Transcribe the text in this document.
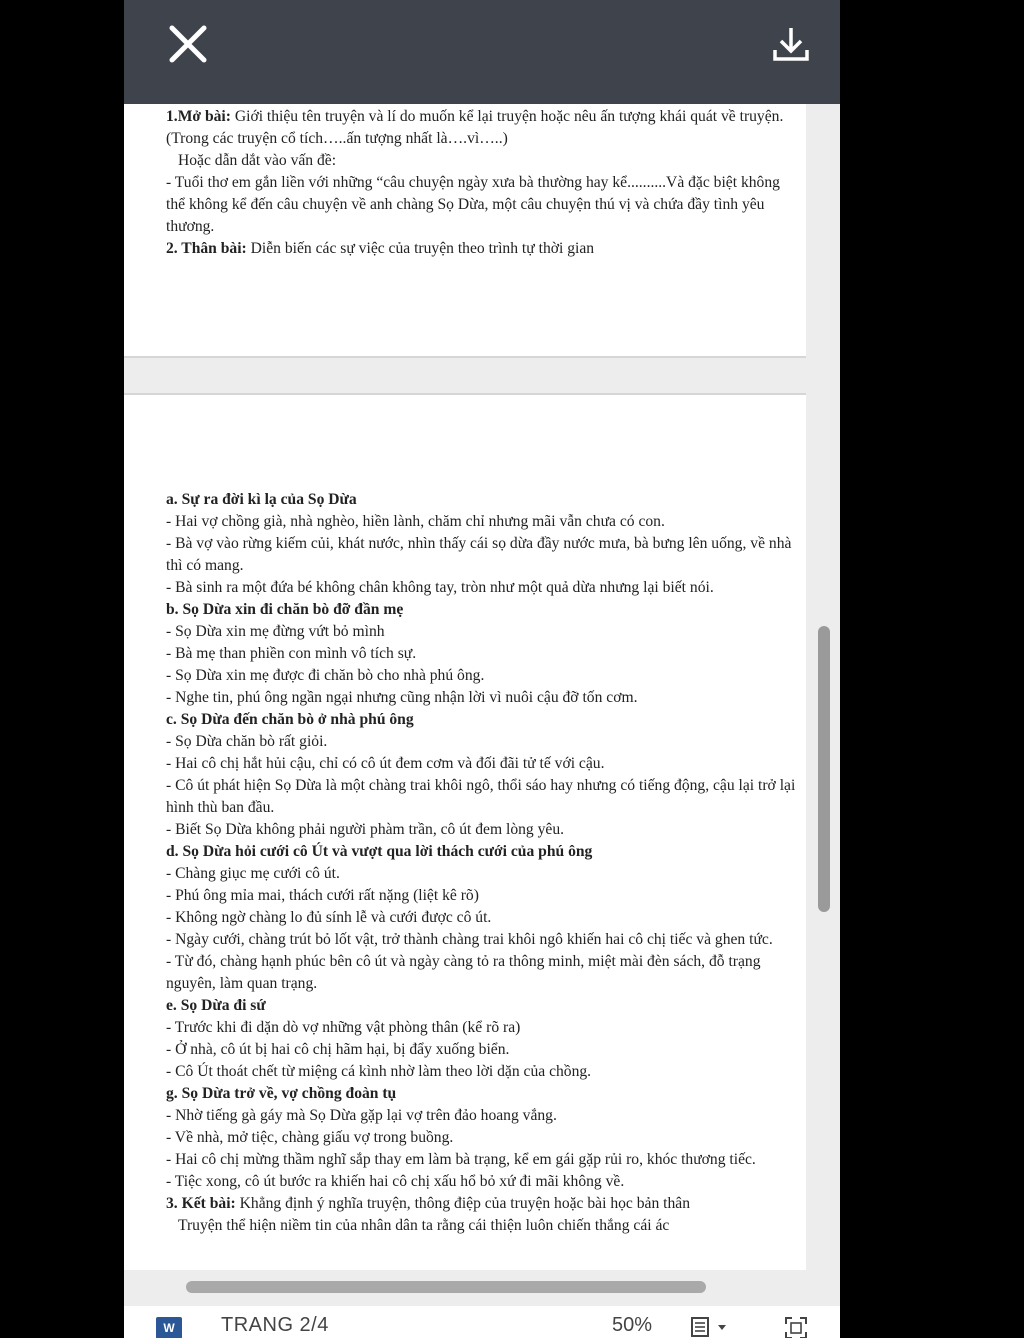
1.Mở bài: Giới thiệu tên truyện và lí do muốn kể lại truyện hoặc nêu ấn tượng khái quát về truyện. (Trong các truyện cổ tích…..ấn tượng nhất là….vì…..)

Hoặc dẫn dắt vào vấn đề:

- Tuổi thơ em gắn liền với những “câu chuyện ngày xưa bà thường hay kể..........Và đặc biệt không thể không kể đến câu chuyện về anh chàng Sọ Dừa, một câu chuyện thú vị và chứa đầy tình yêu thương.

2. Thân bài: Diễn biến các sự việc của truyện theo trình tự thời gian

a. Sự ra đời kì lạ của Sọ Dừa

- Hai vợ chồng già, nhà nghèo, hiền lành, chăm chỉ nhưng mãi vẫn chưa có con.

- Bà vợ vào rừng kiếm củi, khát nước, nhìn thấy cái sọ dừa đầy nước mưa, bà bưng lên uống, về nhà thì có mang.

- Bà sinh ra một đứa bé không chân không tay, tròn như một quả dừa nhưng lại biết nói.

b. Sọ Dừa xin đi chăn bò đỡ đần mẹ

- Sọ Dừa xin mẹ đừng vứt bỏ mình

- Bà mẹ than phiền con mình vô tích sự.

- Sọ Dừa xin mẹ được đi chăn bò cho nhà phú ông.

- Nghe tin, phú ông ngần ngại nhưng cũng nhận lời vì nuôi cậu đỡ tốn cơm.

c. Sọ Dừa đến chăn bò ở nhà phú ông

- Sọ Dừa chăn bò rất giỏi.

- Hai cô chị hắt hủi cậu, chỉ có cô út đem cơm và đối đãi tử tế với cậu.

- Cô út phát hiện Sọ Dừa là một chàng trai khôi ngô, thổi sáo hay nhưng có tiếng động, cậu lại trở lại hình thù ban đầu.

- Biết Sọ Dừa không phải người phàm trần, cô út đem lòng yêu.

d. Sọ Dừa hỏi cưới cô Út và vượt qua lời thách cưới của phú ông

- Chàng giục mẹ cưới cô út.

- Phú ông mỉa mai, thách cưới rất nặng (liệt kê rõ)

- Không ngờ chàng lo đủ sính lễ và cưới được cô út.

- Ngày cưới, chàng trút bỏ lốt vật, trở thành chàng trai khôi ngô khiến hai cô chị tiếc và ghen tức.

- Từ đó, chàng hạnh phúc bên cô út và ngày càng tỏ ra thông minh, miệt mài đèn sách, đỗ trạng nguyên, làm quan trạng.

e. Sọ Dừa đi sứ

- Trước khi đi dặn dò vợ những vật phòng thân (kể rõ ra)

- Ở nhà, cô út bị hai cô chị hãm hại, bị đẩy xuống biển.

- Cô Út thoát chết từ miệng cá kình nhờ làm theo lời dặn của chồng.

g. Sọ Dừa trở về, vợ chồng đoàn tụ

- Nhờ tiếng gà gáy mà Sọ Dừa gặp lại vợ trên đảo hoang vắng.

- Về nhà, mở tiệc, chàng giấu vợ trong buồng.

- Hai cô chị mừng thầm nghĩ sắp thay em làm bà trạng, kể em gái gặp rủi ro, khóc thương tiếc.

- Tiệc xong, cô út bước ra khiến hai cô chị xấu hổ bỏ xứ đi mãi không về.

3. Kết bài: Khẳng định ý nghĩa truyện, thông điệp của truyện hoặc bài học bản thân

Truyện thể hiện niềm tin của nhân dân ta rằng cái thiện luôn chiến thắng cái ác

W	TRANG 2/4	50%
